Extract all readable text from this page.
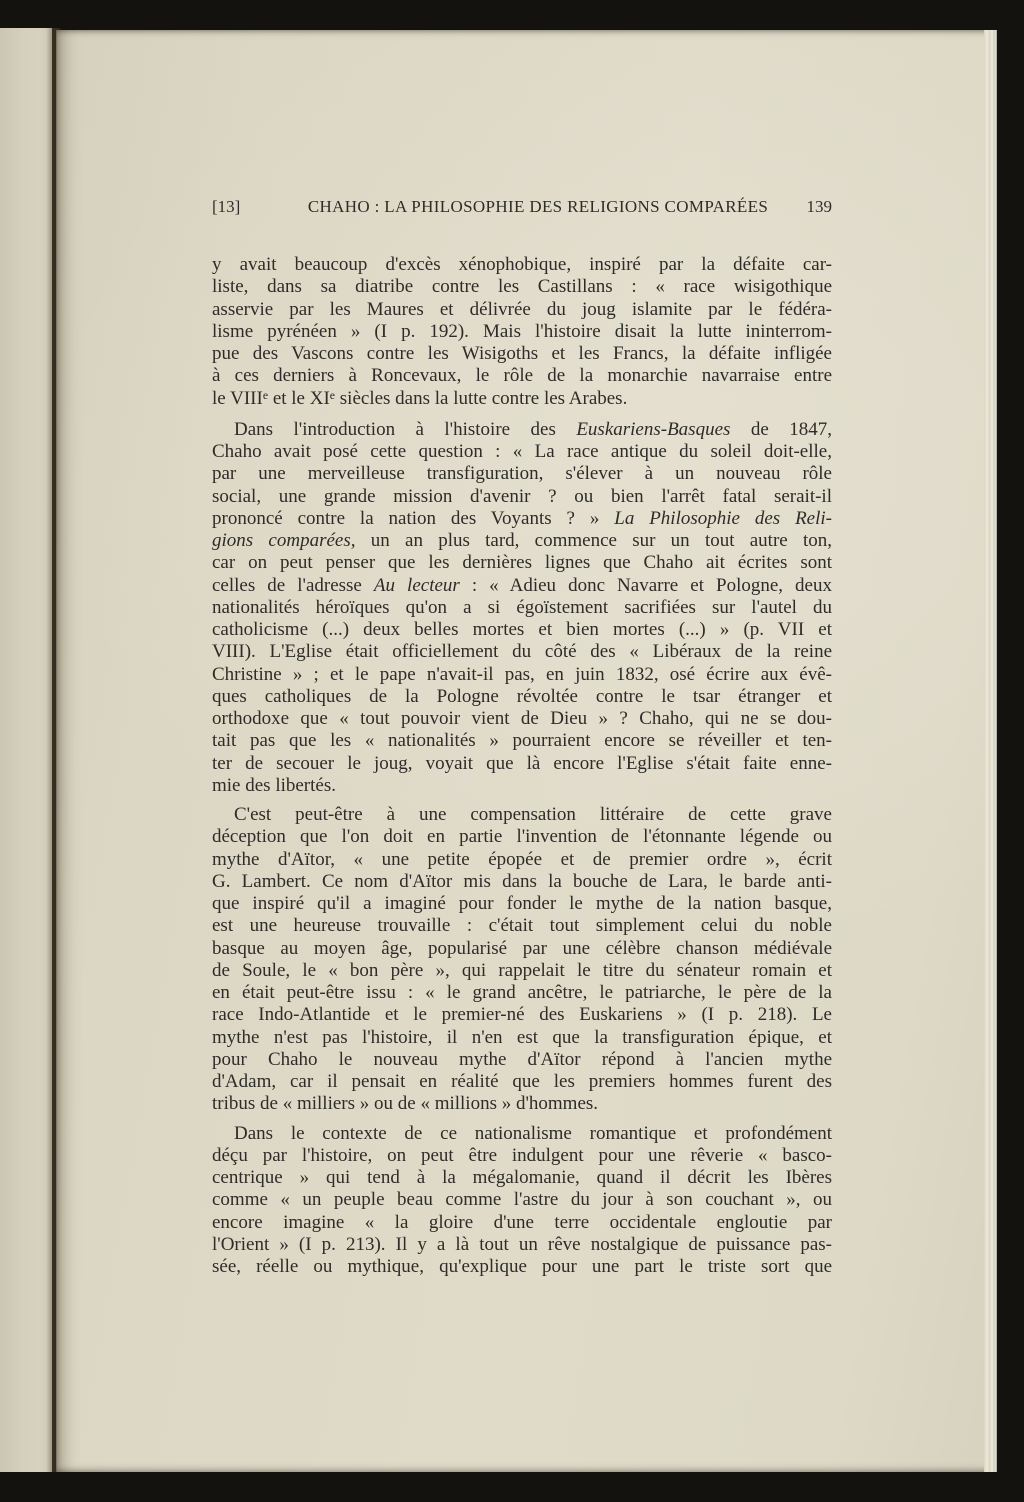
[13]	CHAHO : LA PHILOSOPHIE DES RELIGIONS COMPARÉES	139
y avait beaucoup d'excès xénophobique, inspiré par la défaite car-
liste, dans sa diatribe contre les Castillans : « race wisigothique
asservie par les Maures et délivrée du joug islamite par le fédéra-
lisme pyrénéen » (I p. 192). Mais l'histoire disait la lutte ininterrom-
pue des Vascons contre les Wisigoths et les Francs, la défaite infligée
à ces derniers à Roncevaux, le rôle de la monarchie navarraise entre
le VIIIe et le XIe siècles dans la lutte contre les Arabes.
Dans l'introduction à l'histoire des Euskariens-Basques de 1847,
Chaho avait posé cette question : « La race antique du soleil doit-elle,
par une merveilleuse transfiguration, s'élever à un nouveau rôle
social, une grande mission d'avenir ? ou bien l'arrêt fatal serait-il
prononcé contre la nation des Voyants ? » La Philosophie des Reli-
gions comparées, un an plus tard, commence sur un tout autre ton,
car on peut penser que les dernières lignes que Chaho ait écrites sont
celles de l'adresse Au lecteur : « Adieu donc Navarre et Pologne, deux
nationalités héroïques qu'on a si égoïstement sacrifiées sur l'autel du
catholicisme (...) deux belles mortes et bien mortes (...) » (p. VII et
VIII). L'Eglise était officiellement du côté des « Libéraux de la reine
Christine » ; et le pape n'avait-il pas, en juin 1832, osé écrire aux évê-
ques catholiques de la Pologne révoltée contre le tsar étranger et
orthodoxe que « tout pouvoir vient de Dieu » ? Chaho, qui ne se dou-
tait pas que les « nationalités » pourraient encore se réveiller et ten-
ter de secouer le joug, voyait que là encore l'Eglise s'était faite enne-
mie des libertés.
C'est peut-être à une compensation littéraire de cette grave
déception que l'on doit en partie l'invention de l'étonnante légende ou
mythe d'Aïtor, « une petite épopée et de premier ordre », écrit
G. Lambert. Ce nom d'Aïtor mis dans la bouche de Lara, le barde anti-
que inspiré qu'il a imaginé pour fonder le mythe de la nation basque,
est une heureuse trouvaille : c'était tout simplement celui du noble
basque au moyen âge, popularisé par une célèbre chanson médiévale
de Soule, le « bon père », qui rappelait le titre du sénateur romain et
en était peut-être issu : « le grand ancêtre, le patriarche, le père de la
race Indo-Atlantide et le premier-né des Euskariens » (I p. 218). Le
mythe n'est pas l'histoire, il n'en est que la transfiguration épique, et
pour Chaho le nouveau mythe d'Aïtor répond à l'ancien mythe
d'Adam, car il pensait en réalité que les premiers hommes furent des
tribus de « milliers » ou de « millions » d'hommes.
Dans le contexte de ce nationalisme romantique et profondément
déçu par l'histoire, on peut être indulgent pour une rêverie « basco-
centrique » qui tend à la mégalomanie, quand il décrit les Ibères
comme « un peuple beau comme l'astre du jour à son couchant », ou
encore imagine « la gloire d'une terre occidentale engloutie par
l'Orient » (I p. 213). Il y a là tout un rêve nostalgique de puissance pas-
sée, réelle ou mythique, qu'explique pour une part le triste sort que
